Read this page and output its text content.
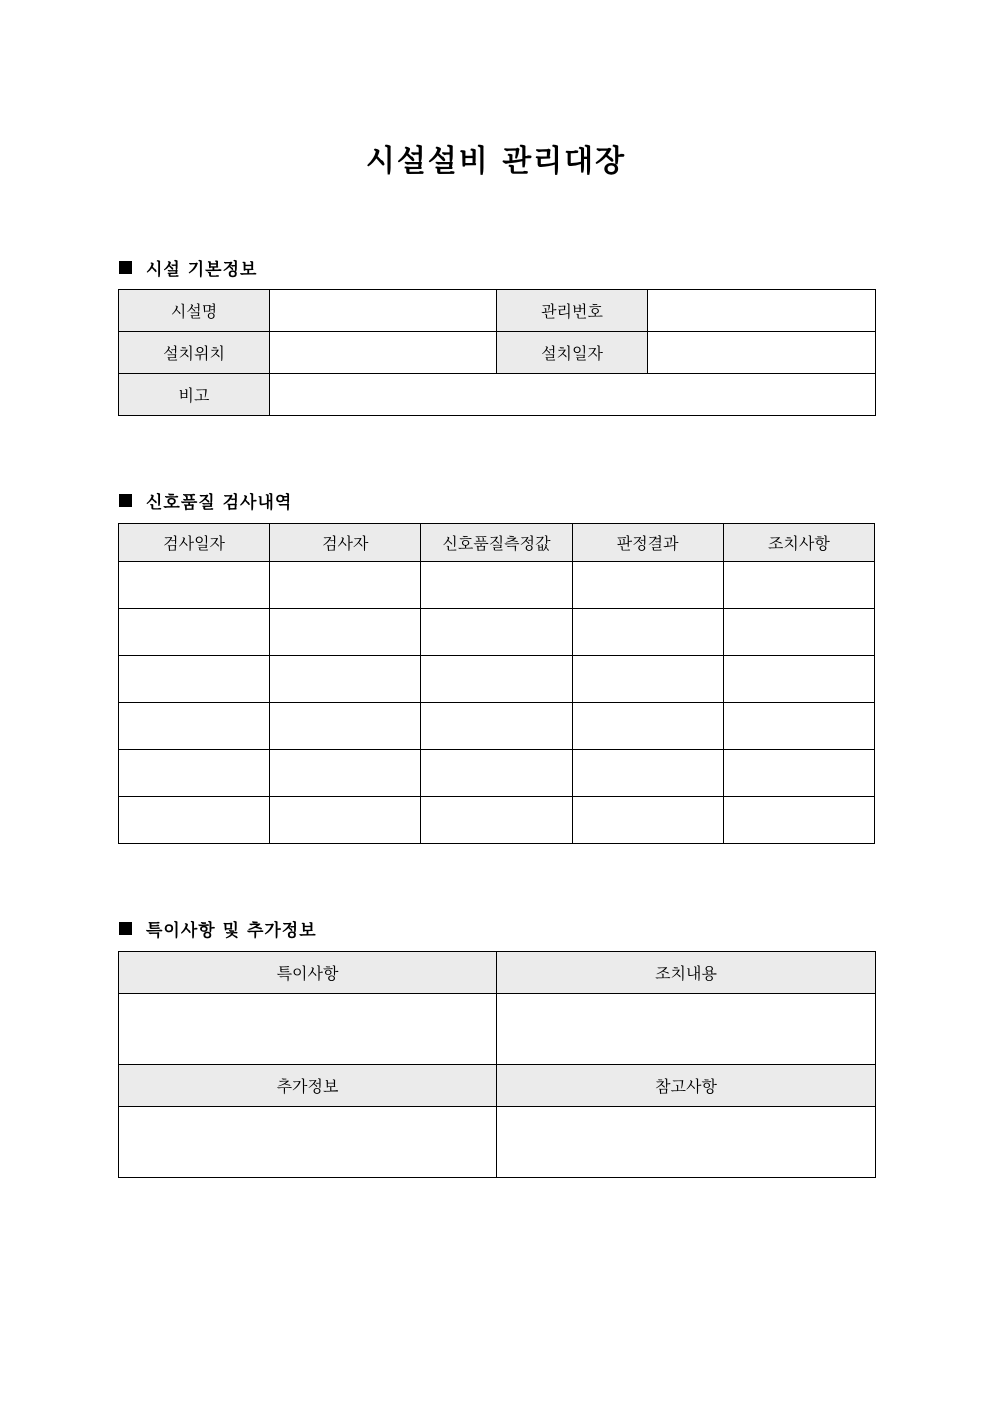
시설설비 관리대장
시설 기본정보
시설명		관리번호	
설치위치		설치일자	
비고			
신호품질 검사내역
검사일자	검사자	신호품질측정값	판정결과	조치사항

특이사항 및 추가정보
특이사항	조치내용

추가정보	참고사항
